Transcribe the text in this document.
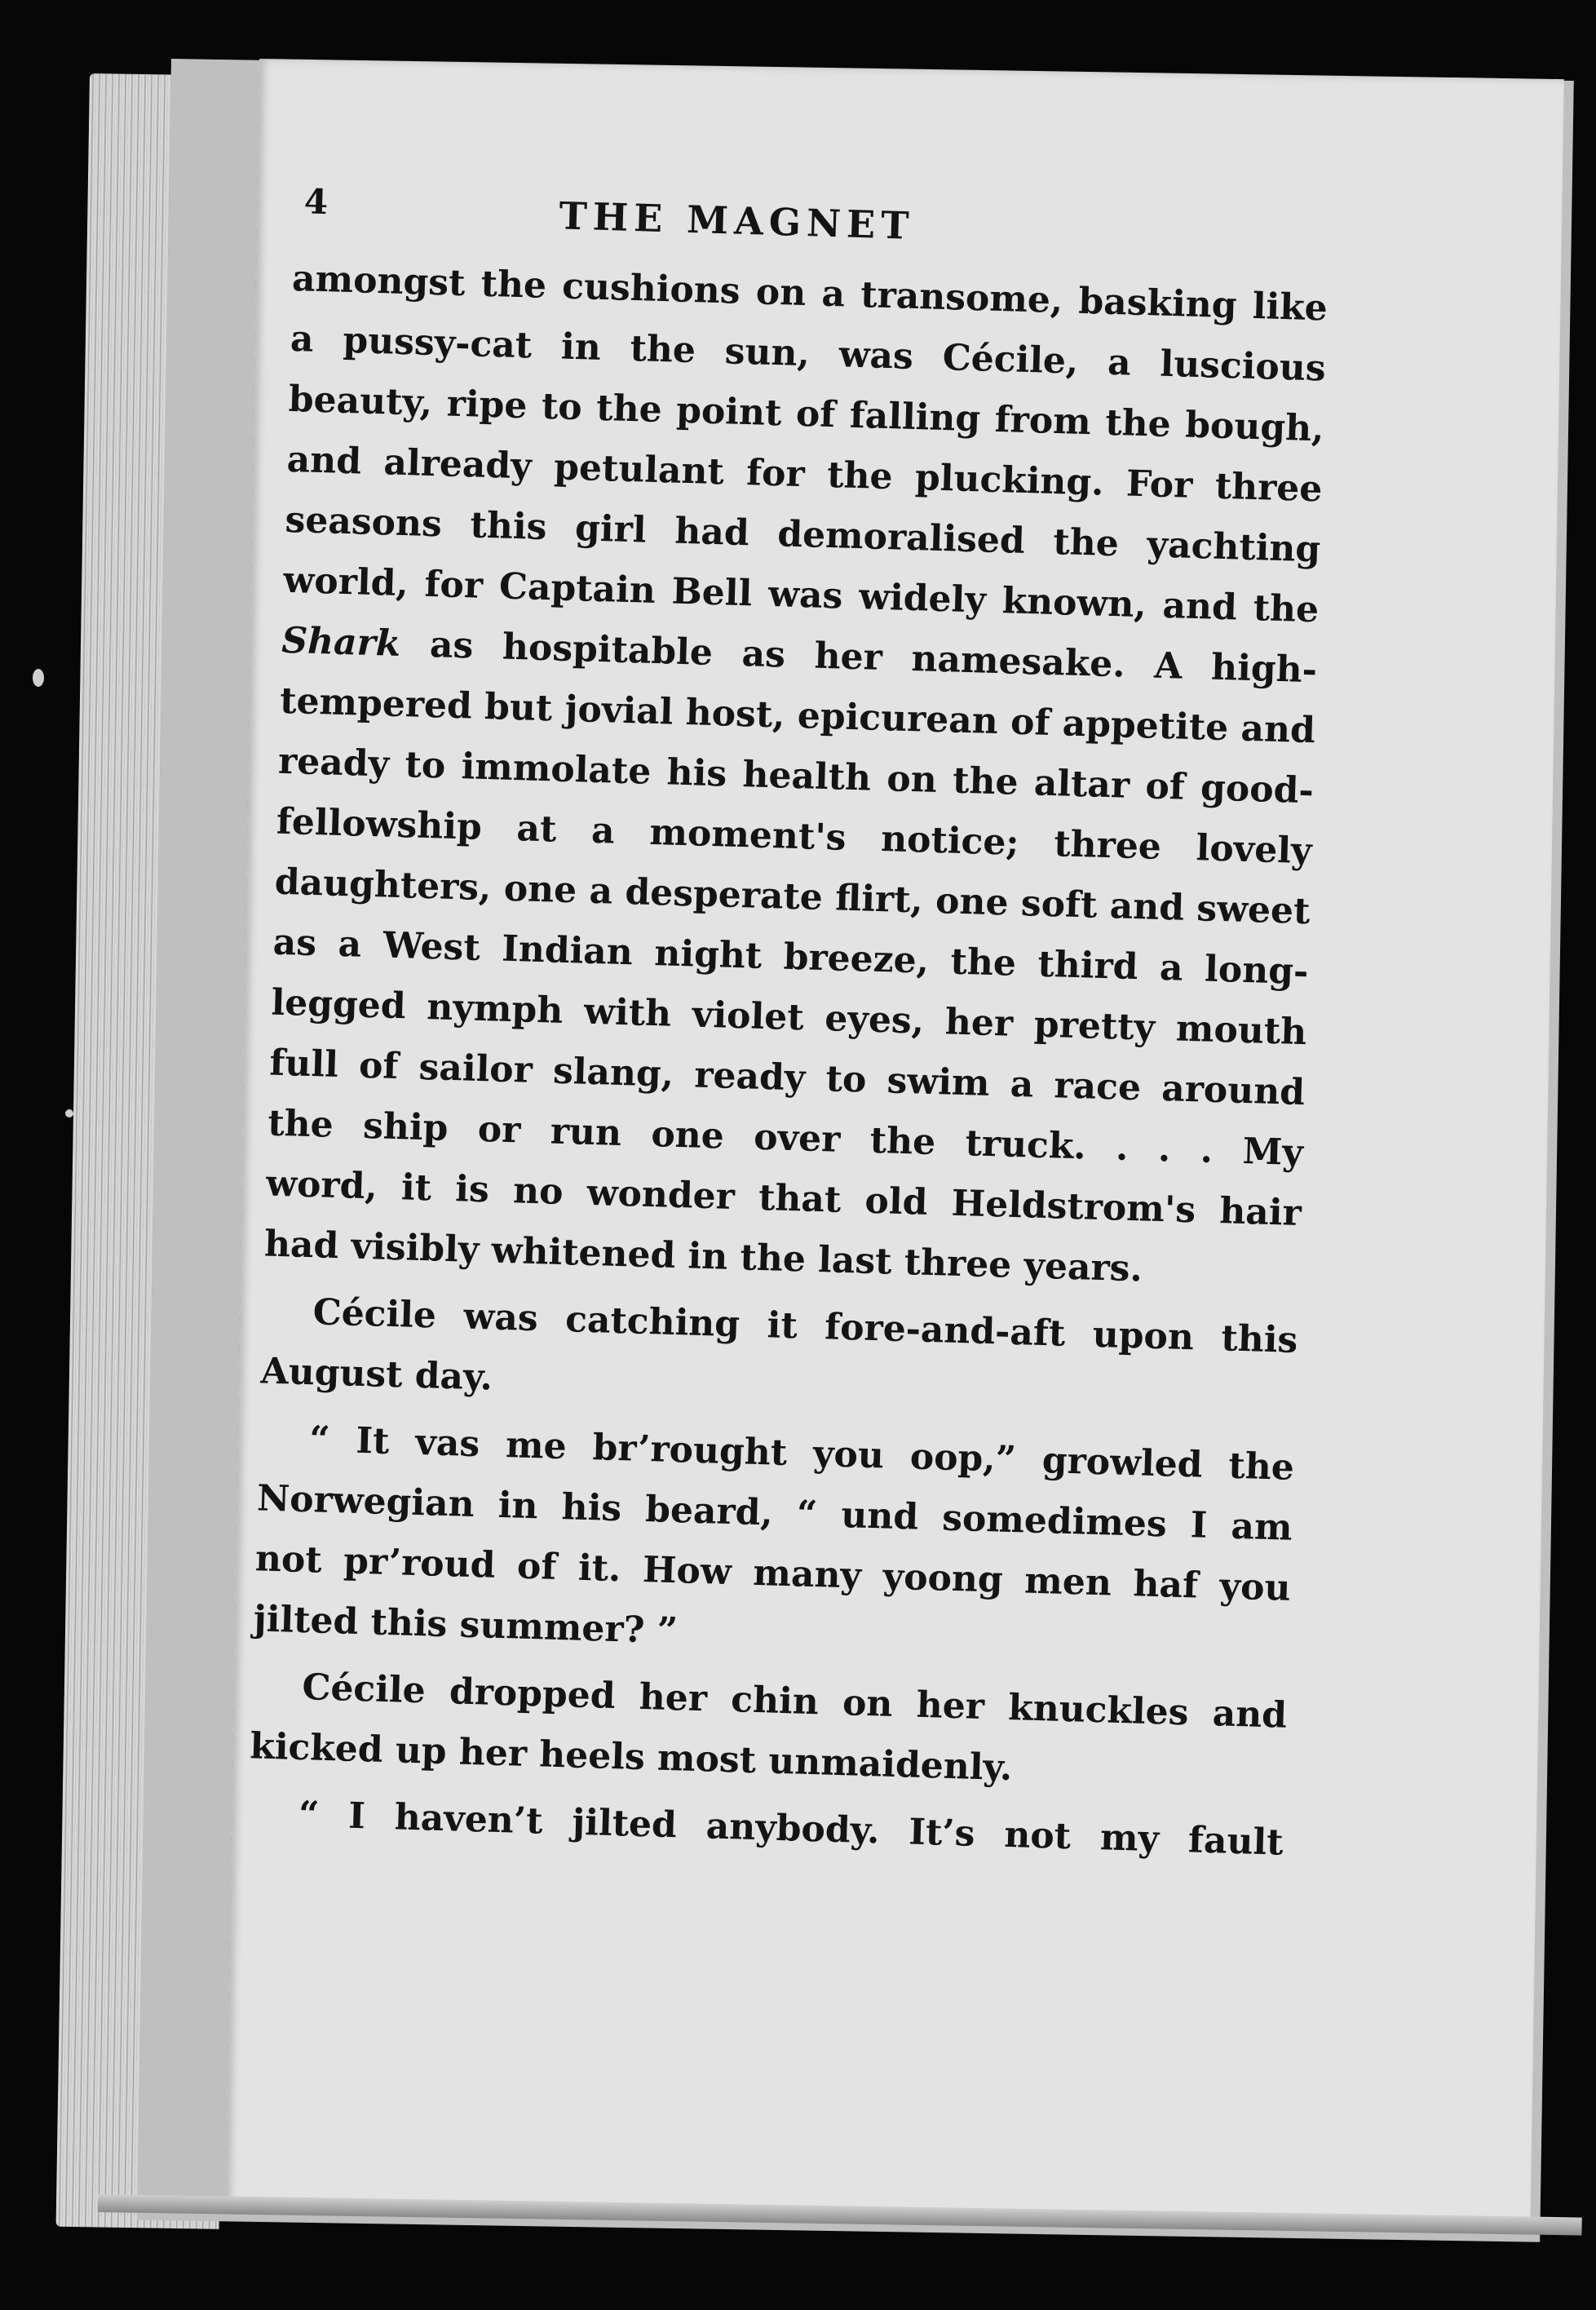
4	THE MAGNET
amongst the cushions on a transome, basking like
a pussy-cat in the sun, was Cécile, a luscious
beauty, ripe to the point of falling from the bough,
and already petulant for the plucking. For three
seasons this girl had demoralised the yachting
world, for Captain Bell was widely known, and the
Shark as hospitable as her namesake. A high-
tempered but jovial host, epicurean of appetite and
ready to immolate his health on the altar of good-
fellowship at a moment's notice; three lovely
daughters, one a desperate flirt, one soft and sweet
as a West Indian night breeze, the third a long-
legged nymph with violet eyes, her pretty mouth
full of sailor slang, ready to swim a race around
the ship or run one over the truck. . . . My
word, it is no wonder that old Heldstrom's hair
had visibly whitened in the last three years.
Cécile was catching it fore-and-aft upon this
August day.
“ It vas me br’rought you oop,” growled the
Norwegian in his beard, “ und somedimes I am
not pr’roud of it. How many yoong men haf you
jilted this summer? ”
Cécile dropped her chin on her knuckles and
kicked up her heels most unmaidenly.
“ I haven’t jilted anybody. It’s not my fault
